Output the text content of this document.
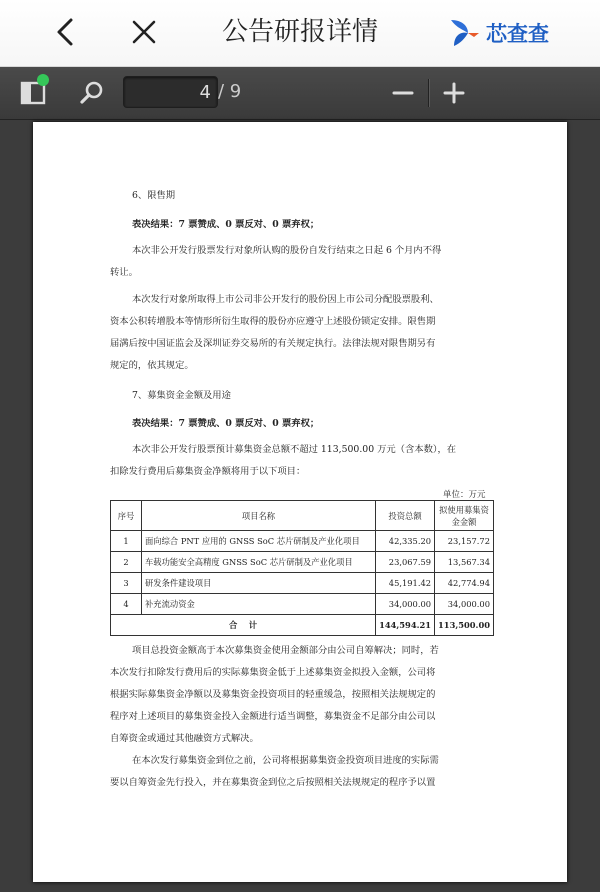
公告研报详情	芯查查
4 / 9
6、限售期
表决结果：7 票赞成、0 票反对、0 票弃权；
本次非公开发行股票发行对象所认购的股份自发行结束之日起 6 个月内不得
转让。
本次发行对象所取得上市公司非公开发行的股份因上市公司分配股票股利、
资本公积转增股本等情形所衍生取得的股份亦应遵守上述股份锁定安排。限售期
届满后按中国证监会及深圳证券交易所的有关规定执行。法律法规对限售期另有
规定的，依其规定。
7、募集资金金额及用途
表决结果：7 票赞成、0 票反对、0 票弃权；
本次非公开发行股票预计募集资金总额不超过 113,500.00 万元（含本数），在
扣除发行费用后募集资金净额将用于以下项目：
单位：万元
序号	项目名称	投资总额	拟使用募集资金金额
1	面向综合 PNT 应用的 GNSS SoC 芯片研制及产业化项目	42,335.20	23,157.72
2	车载功能安全高精度 GNSS SoC 芯片研制及产业化项目	23,067.59	13,567.34
3	研发条件建设项目	45,191.42	42,774.94
4	补充流动资金	34,000.00	34,000.00
合    计		144,594.21	113,500.00
项目总投资金额高于本次募集资金使用金额部分由公司自筹解决；同时，若
本次发行扣除发行费用后的实际募集资金低于上述募集资金拟投入金额，公司将
根据实际募集资金净额以及募集资金投资项目的轻重缓急，按照相关法规规定的
程序对上述项目的募集资金投入金额进行适当调整，募集资金不足部分由公司以
自筹资金或通过其他融资方式解决。
在本次发行募集资金到位之前，公司将根据募集资金投资项目进度的实际需
要以自筹资金先行投入，并在募集资金到位之后按照相关法规规定的程序予以置
